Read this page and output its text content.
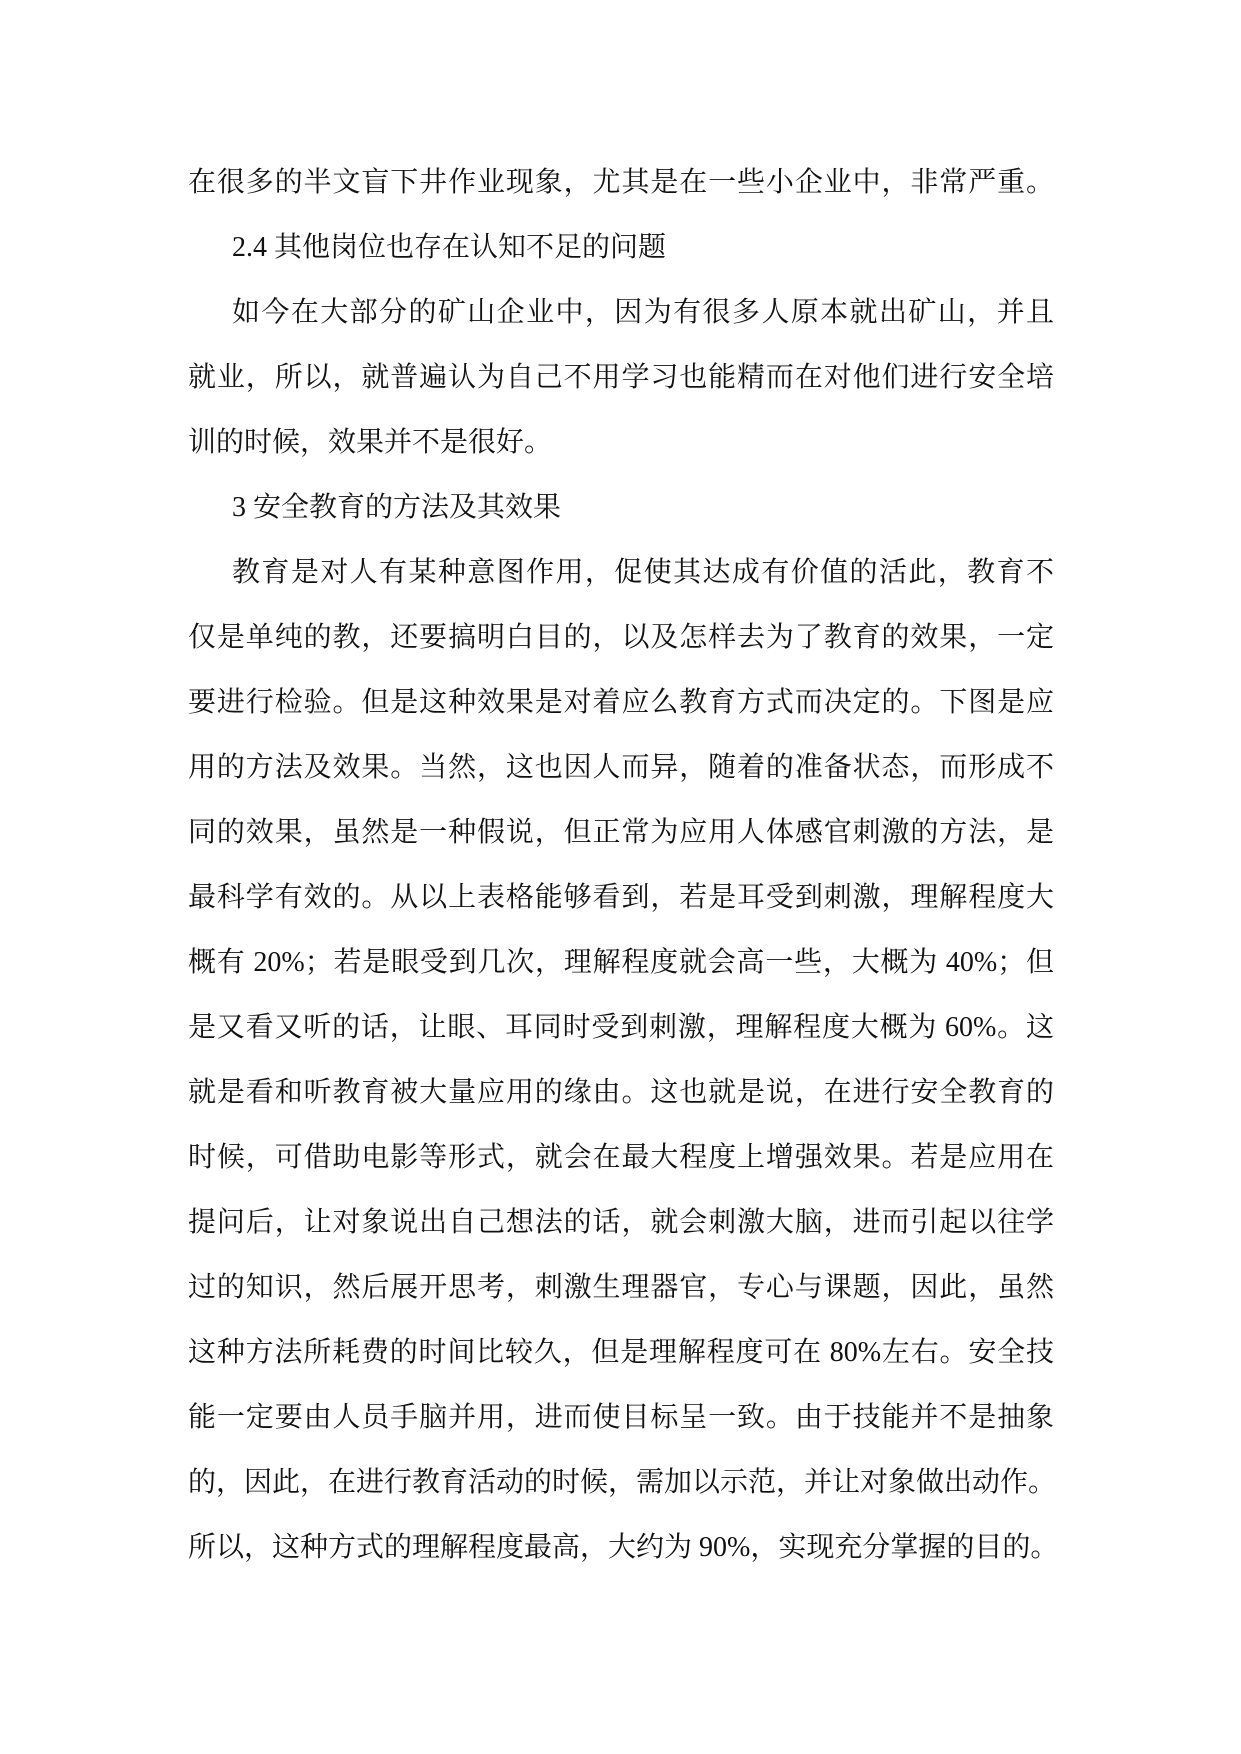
在很多的半文盲下井作业现象，尤其是在一些小企业中，非常严重。
2.4 其他岗位也存在认知不足的问题
如今在大部分的矿山企业中，因为有很多人原本就出矿山，并且
就业，所以，就普遍认为自己不用学习也能精而在对他们进行安全培
训的时候，效果并不是很好。
3 安全教育的方法及其效果
教育是对人有某种意图作用，促使其达成有价值的活此，教育不
仅是单纯的教，还要搞明白目的，以及怎样去为了教育的效果，一定
要进行检验。但是这种效果是对着应么教育方式而决定的。下图是应
用的方法及效果。当然，这也因人而异，随着的准备状态，而形成不
同的效果，虽然是一种假说，但正常为应用人体感官刺激的方法，是
最科学有效的。从以上表格能够看到，若是耳受到刺激，理解程度大
概有 20%；若是眼受到几次，理解程度就会高一些，大概为 40%；但
是又看又听的话，让眼、耳同时受到刺激，理解程度大概为 60%。这
就是看和听教育被大量应用的缘由。这也就是说，在进行安全教育的
时候，可借助电影等形式，就会在最大程度上增强效果。若是应用在
提问后，让对象说出自己想法的话，就会刺激大脑，进而引起以往学
过的知识，然后展开思考，刺激生理器官，专心与课题，因此，虽然
这种方法所耗费的时间比较久，但是理解程度可在 80%左右。安全技
能一定要由人员手脑并用，进而使目标呈一致。由于技能并不是抽象
的，因此，在进行教育活动的时候，需加以示范，并让对象做出动作。
所以，这种方式的理解程度最高，大约为 90%，实现充分掌握的目的。
